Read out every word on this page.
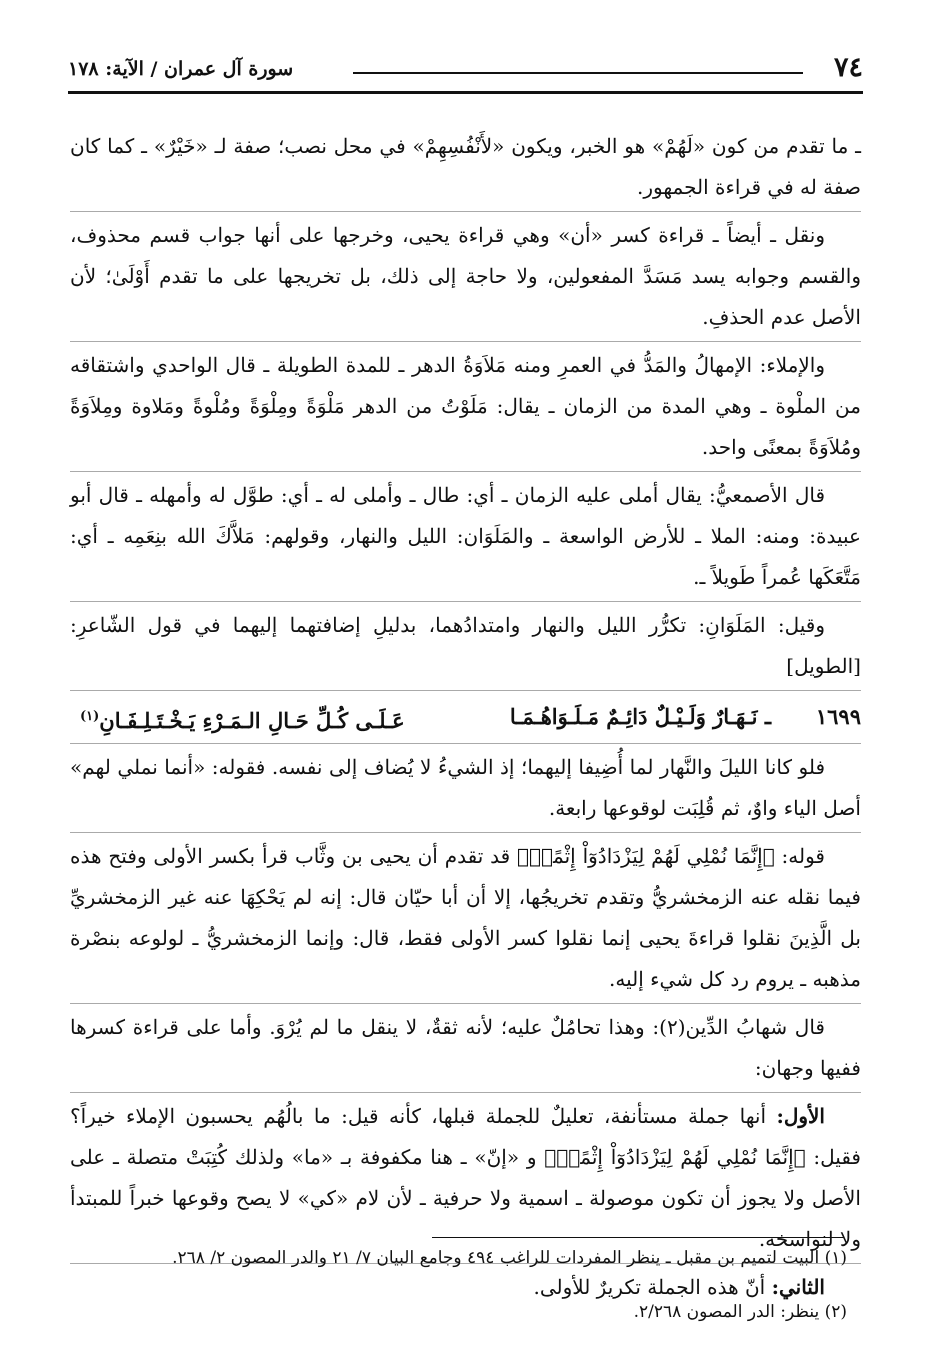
٧٤
سورة آل عمران / الآية: ١٧٨

ـ ما تقدم من كون «لَهُمْ» هو الخبر، ويكون «لأَنْفُسِهِمْ» في محل نصب؛ صفة لـ «خَيْرٌ» ـ كما كان صفة له في قراءة الجمهور.

ونقل ـ أيضاً ـ قراءة كسر «أن» وهي قراءة يحيى، وخرجها على أنها جواب قسم محذوف، والقسم وجوابه يسد مَسَدَّ المفعولين، ولا حاجة إلى ذلك، بل تخريجها على ما تقدم أَوْلَىٰ؛ لأن الأصل عدم الحذفِ.

والإملاء: الإمهالُ والمَدُّ في العمرِ ومنه مَلاَوَةُ الدهر ـ للمدة الطويلة ـ قال الواحدي واشتقاقه من الملْوة ـ وهي المدة من الزمان ـ يقال: مَلَوْتُ من الدهر مَلْوَةً ومِلْوَةً ومُلْوةً ومَلاوة ومِلاَوَةً ومُلاَوَةً بمعنًى واحد.

قال الأصمعيُّ: يقال أملى عليه الزمان ـ أي: طال ـ وأملى له ـ أي: طوَّل له وأمهله ـ قال أبو عبيدة: ومنه: الملا ـ للأرض الواسعة ـ والمَلَوَان: الليل والنهار، وقولهم: مَلاَّكَ الله بنِعَمِه ـ أي: مَتَّعَكَها عُمراً طَويلاً ـ.

وقيل: المَلَوَانِ: تكرُّر الليل والنهار وامتدادُهما، بدليلِ إضافتهما إليهما في قول الشّاعرِ: [الطويل]

١٦٩٩
ـ نَـهَـارٌ وَلَـيْـلٌ دَائِـمٌ مَـلَـوَاهُـمَـا
عَـلَـى كُـلِّ حَـالِ الـمَـرْءِ يَـخْـتَـلِـفَـانِ$^{(١)}$

فلو كانا الليلَ والنَّهار لما أُضِيفا إليهما؛ إذ الشيءُ لا يُضاف إلى نفسه. فقوله: «أنما نملي لهم» أصل الياء واوٌ، ثم قُلِبَت لوقوعها رابعة.

قوله: ﴿إِنَّمَا نُمْلِي لَهُمْ لِيَزْدَادُوٓاْ إِثْمًاۚ﴾ قد تقدم أن يحيى بن وثَّاب قرأ بكسر الأولى وفتح هذه فيما نقله عنه الزمخشريُّ وتقدم تخريجُها، إلا أن أبا حيّان قال: إنه لم يَحْكِهَا عنه غير الزمخشريِّ بل الَّذِينَ نقلوا قراءةَ يحيى إنما نقلوا كسر الأولى فقط، قال: وإنما الزمخشريُّ ـ لولوعه بنصْرة مذهبه ـ يروم رد كل شيء إليه.

قال شهابُ الدِّين(٢): وهذا تحامُلٌ عليه؛ لأنه ثقةٌ، لا ينقل ما لم يُرْوَ. وأما على قراءة كسرها ففيها وجهان:

الأول: أنها جملة مستأنفة، تعليلٌ للجملة قبلها، كأنه قيل: ما بالُهُم يحسبون الإملاء خيراً؟ فقيل: ﴿إِنَّمَا نُمْلِي لَهُمْ لِيَزْدَادُوٓاْ إِثْمًاۚ﴾ و «إنّ» ـ هنا مكفوفة بـ «ما» ولذلك كُتِبَتْ متصلة ـ على الأصل ولا يجوز أن تكون موصولة ـ اسمية ولا حرفية ـ لأن لام «كي» لا يصح وقوعها خبراً للمبتدأ ولا لنواسخه.

الثاني: أنّ هذه الجملة تكريرٌ للأولى.

(١) البيت لتميم بن مقبل ـ ينظر المفردات للراغب ٤٩٤ وجامع البيان ٧/ ٢١ والدر المصون ٢/ ٢٦٨.

(٢) ينظر: الدر المصون ٢/٢٦٨.
